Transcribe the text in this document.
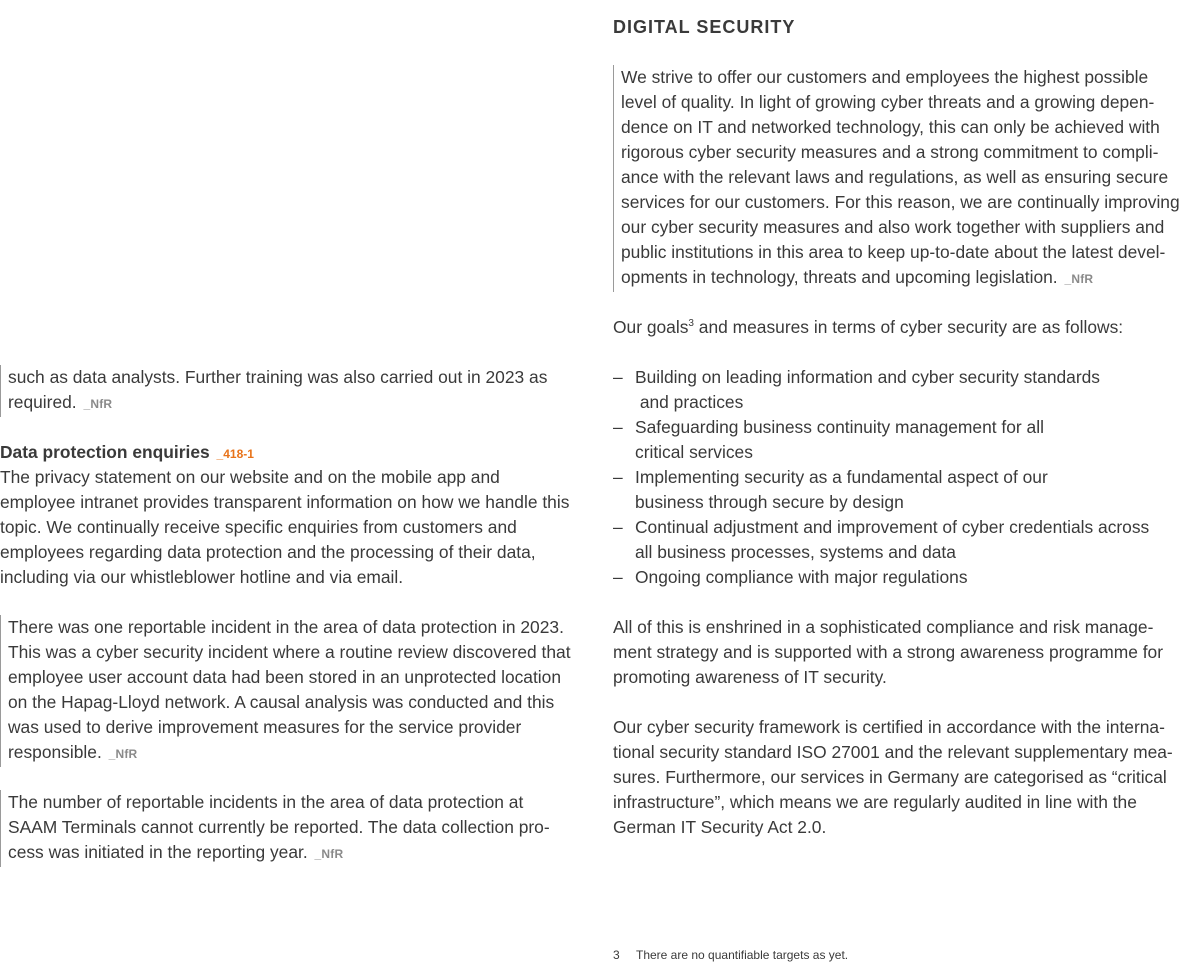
such as data analysts. Further training was also carried out in 2023 as
required. _NfR
Data protection enquiries _418-1
The privacy statement on our website and on the mobile app and
employee intranet provides transparent information on how we handle this
topic. We continually receive specific enquiries from customers and
employees regarding data protection and the processing of their data,
including via our whistleblower hotline and via email.
There was one reportable incident in the area of data protection in 2023.
This was a cyber security incident where a routine review discovered that
employee user account data had been stored in an unprotected location
on the Hapag-Lloyd network. A causal analysis was conducted and this
was used to derive improvement measures for the service provider
responsible. _NfR
The number of reportable incidents in the area of data protection at
SAAM Terminals cannot currently be reported. The data collection pro-
cess was initiated in the reporting year. _NfR
DIGITAL SECURITY
We strive to offer our customers and employees the highest possible
level of quality. In light of growing cyber threats and a growing depen-
dence on IT and networked technology, this can only be achieved with
rigorous cyber security measures and a strong commitment to compli-
ance with the relevant laws and regulations, as well as ensuring secure
services for our customers. For this reason, we are continually improving
our cyber security measures and also work together with suppliers and
public institutions in this area to keep up-to-date about the latest devel-
opments in technology, threats and upcoming legislation. _NfR
Our goals$^3$ and measures in terms of cyber security are as follows:
– Building on leading information and cyber security standards
and practices
– Safeguarding business continuity management for all
critical services
– Implementing security as a fundamental aspect of our
business through secure by design
– Continual adjustment and improvement of cyber credentials across
all business processes, systems and data
– Ongoing compliance with major regulations
All of this is enshrined in a sophisticated compliance and risk manage-
ment strategy and is supported with a strong awareness programme for
promoting awareness of IT security.
Our cyber security framework is certified in accordance with the interna-
tional security standard ISO 27001 and the relevant supplementary mea-
sures. Furthermore, our services in Germany are categorised as “critical
infrastructure”, which means we are regularly audited in line with the
German IT Security Act 2.0.
3 There are no quantifiable targets as yet.
